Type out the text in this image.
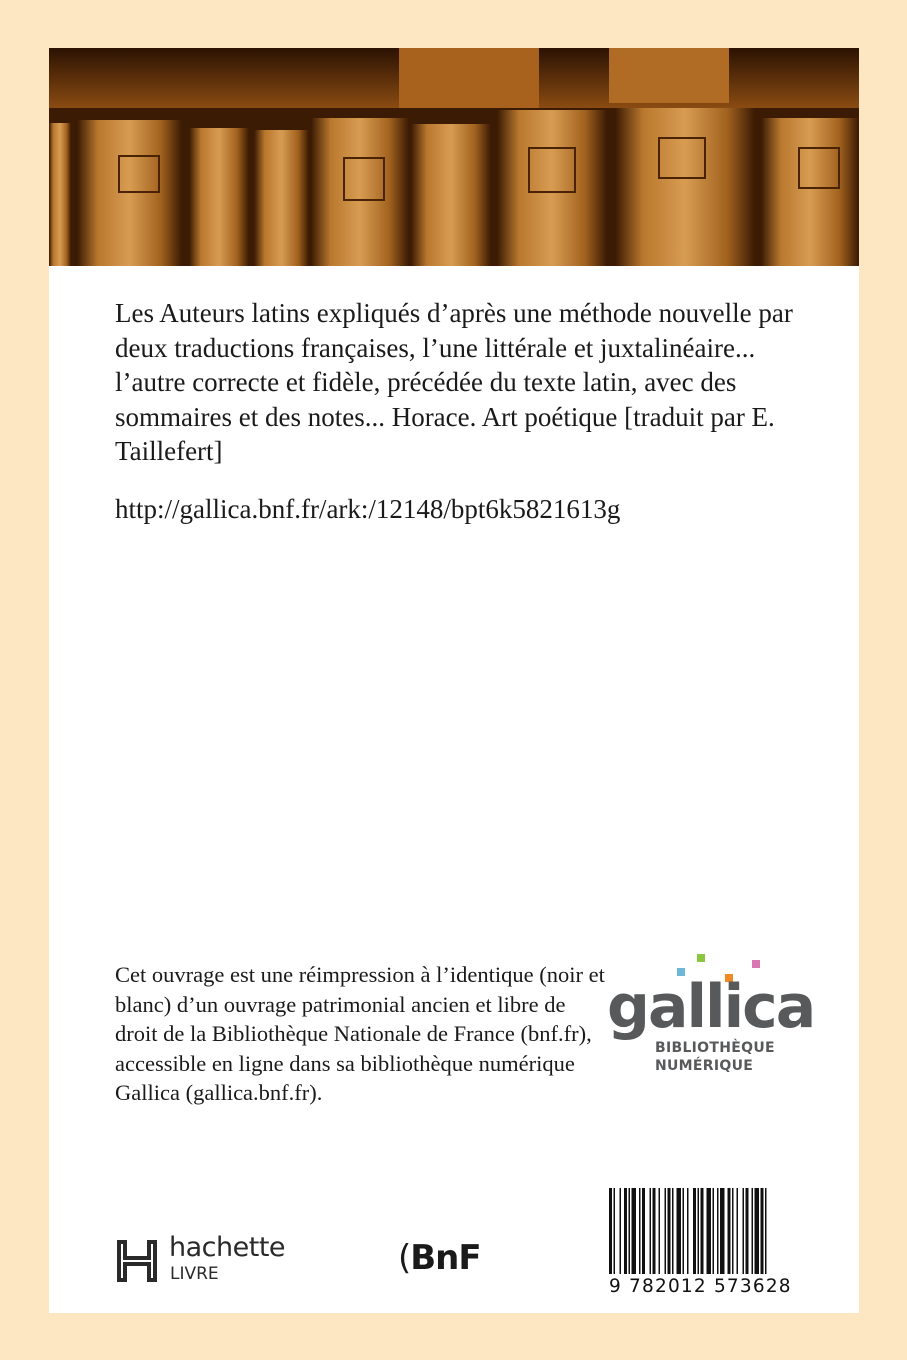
Les Auteurs latins expliqués d’après une méthode nouvelle par deux traductions françaises, l’une littérale et juxtalinéaire... l’autre correcte et fidèle, précédée du texte latin, avec des sommaires et des notes... Horace. Art poétique [traduit par E. Taillefert]

http://gallica.bnf.fr/ark:/12148/bpt6k5821613g

Cet ouvrage est une réimpression à l’identique (noir et blanc) d’un ouvrage patrimonial ancien et libre de droit de la Bibliothèque Nationale de France (bnf.fr), accessible en ligne dans sa bibliothèque numérique Gallica (gallica.bnf.fr).

gallica
BIBLIOTHÈQUE
NUMÉRIQUE
hachette
LIVRE	(BnF
9 782012 573628
